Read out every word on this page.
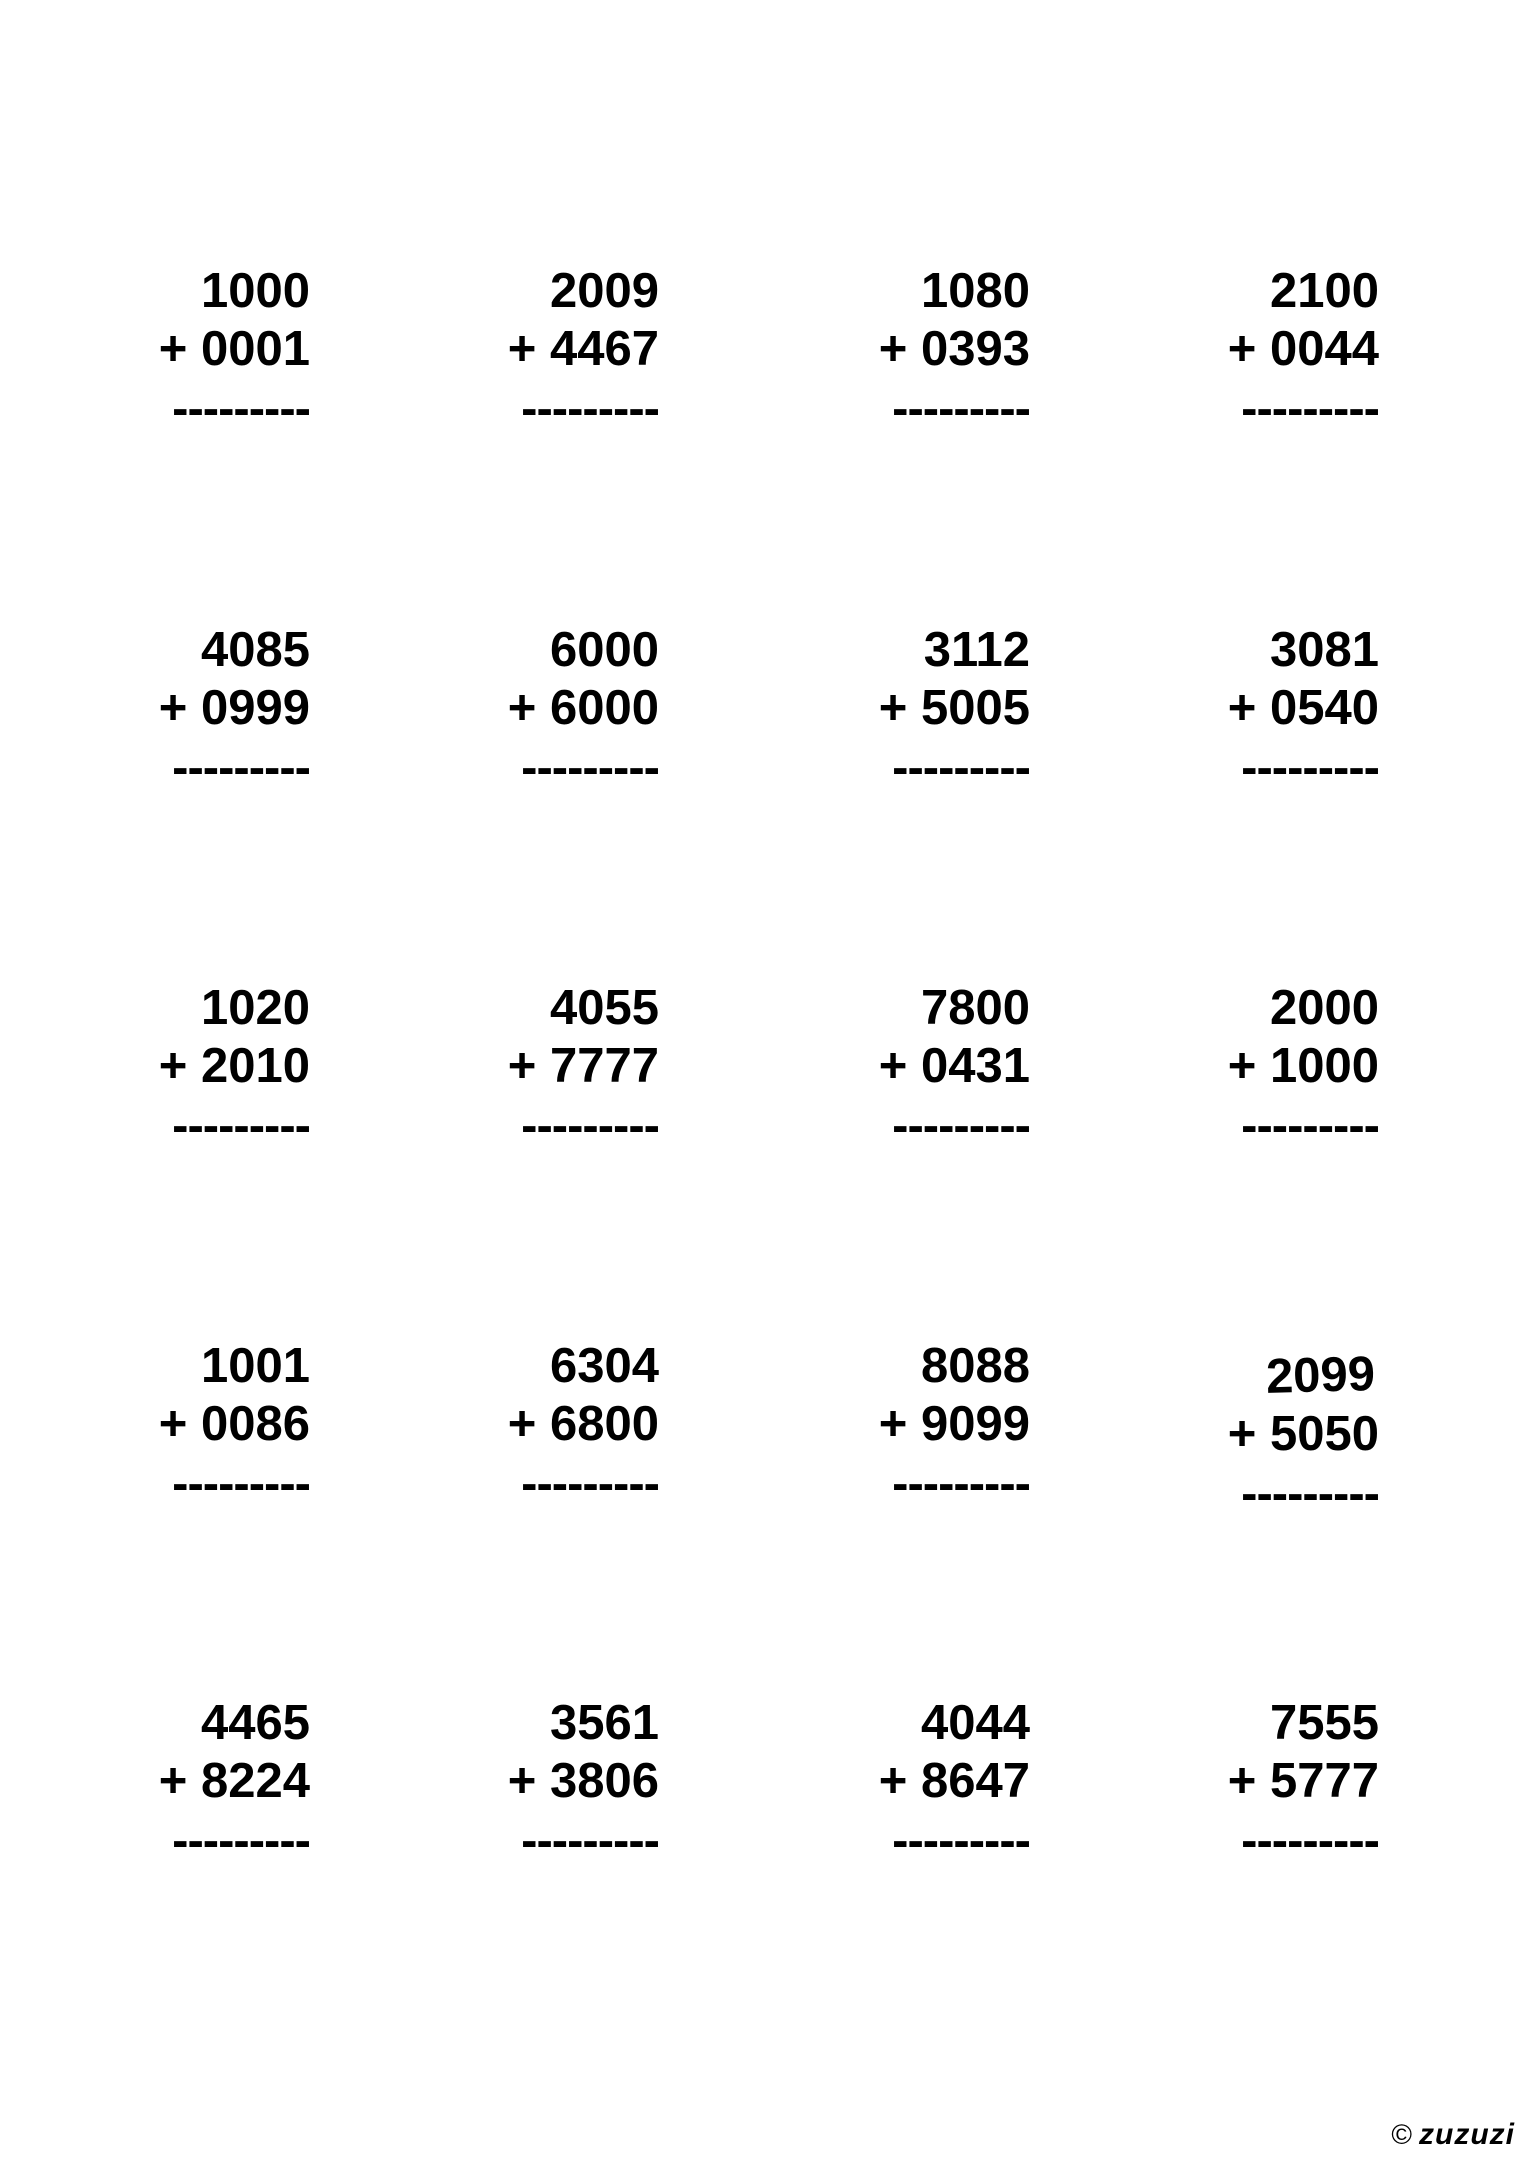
1000
+ 0001
---------
2009
+ 4467
---------
1080
+ 0393
---------
2100
+ 0044
---------
4085
+ 0999
---------
6000
+ 6000
---------
3112
+ 5005
---------
3081
+ 0540
---------
1020
+ 2010
---------
4055
+ 7777
---------
7800
+ 0431
---------
2000
+ 1000
---------
1001
+ 0086
---------
6304
+ 6800
---------
8088
+ 9099
---------
2099
+ 5050
---------
4465
+ 8224
---------
3561
+ 3806
---------
4044
+ 8647
---------
7555
+ 5777
---------
© zuzuzi
